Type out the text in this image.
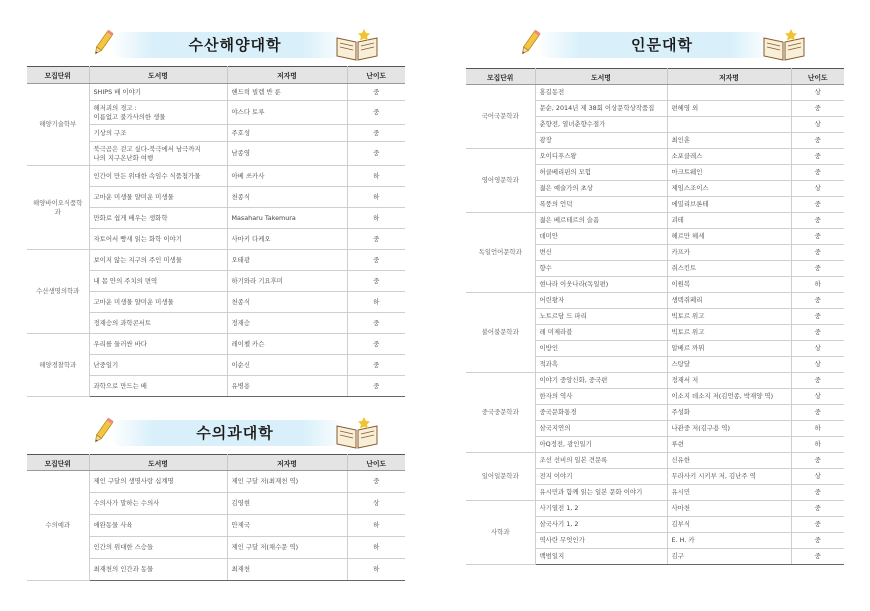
수산해양대학
모집단위	도서명	저자명	난이도
해양기술학부	SHIPS 배 이야기	헨드릭 빌렘 반 룬	중

	해저괴의 경고 :
이름없고 불가사의한 생물	야스다 토루	중
	기상의 구조	주호성	중

	북극곰은 걷고 싶다-북극에서 남극까지
나의 지구온난화 여행	남종영	중
해양바이오식품학과	인간이 만든 위대한 속임수 식품첨가물	아베 쓰카사	하
	고마운 미생물 얄미운 미생물	천종식	하
	만화로 쉽게 배우는 생화학	Masaharu Takemura	하
	자토어서 빵새 읽는 화학 이야기	사마키 다케오	중
수산생명의학과	보이지 않는 지구의 주인 미생물	오태광	중
	내 몸 안의 주치의 면역	하기와라 기요후미	중
	고마운 미생물 얄미운 미생물	천종식	하
	정재승의 과학콘서트	정재승	중
해양경찰학과	우리를 둘러싼 바다	레이첼 카슨	중
	난중일기	이순신	중
	과학으로 만드는 배	유병용	중
수의과대학
모집단위	도서명	저자명	난이도
수의예과	제인 구달의 생명사랑 십계명	제인 구달 저(최재천 역)	중
	수의사가 말하는 수의사	김영현	상
	애완동물 사육	안제국	하
	인간의 위대한 스승들	제인 구달 저(채수문 역)	하
	최재천의 인간과 동물	최재천	하
인문대학
모집단위	도서명	저자명	난이도
국어국문학과	홍길동전		상
	문순, 2014년 제 38회 이상문학상작품집	편혜영 외	중
	춘향전, 열녀춘향수절가		상
	광장	최인훈	중
영어영문학과	오이디푸스왕	소포클레스	중
	허클베리핀의 모험	마크트웨인	중
	젊은 예술가의 초상	제임스조이스	상
	폭풍의 언덕	에밀리브론테	중
독일언어문학과	젊은 베르테르의 슬픔	괴테	중
	데미안	헤르만 헤세	중
	변신	카프카	중
	향수	쥐스킨트	중
	현나라 이웃나라(독일편)	이원복	하
불어불문학과	어린왕자	생텍쥐페리	중
	노트르담 드 파리	빅토르 위고	중
	레 미제라블	빅토르 위고	중
	이방인	알베르 까뮈	상
	적과흑	스탕달	상
중국중문학과	이야기 중앙신화, 중국편	정재서 저	중
	한자의 역사	이소지 데소지 저(김언종, 박재양 역)	상
	중국문화통경	주성화	중
	삼국지연의	나관중 저(김구용 역)	하
	아Q정전, 광인일기	루쉰	하
일어일문학과	조선 선비의 일본 견문록	신유한	중
	전지 이야기	무라사키 시키부 저, 김난주 역	상
	유시민과 함께 읽는 일본 문화 이야기	유시민	중
사학과	사기열전 1, 2	사마천	중
	삼국사기 1, 2	김부식	중
	역사란 무엇인가	E. H. 카	중
	백범일지	김구	중
